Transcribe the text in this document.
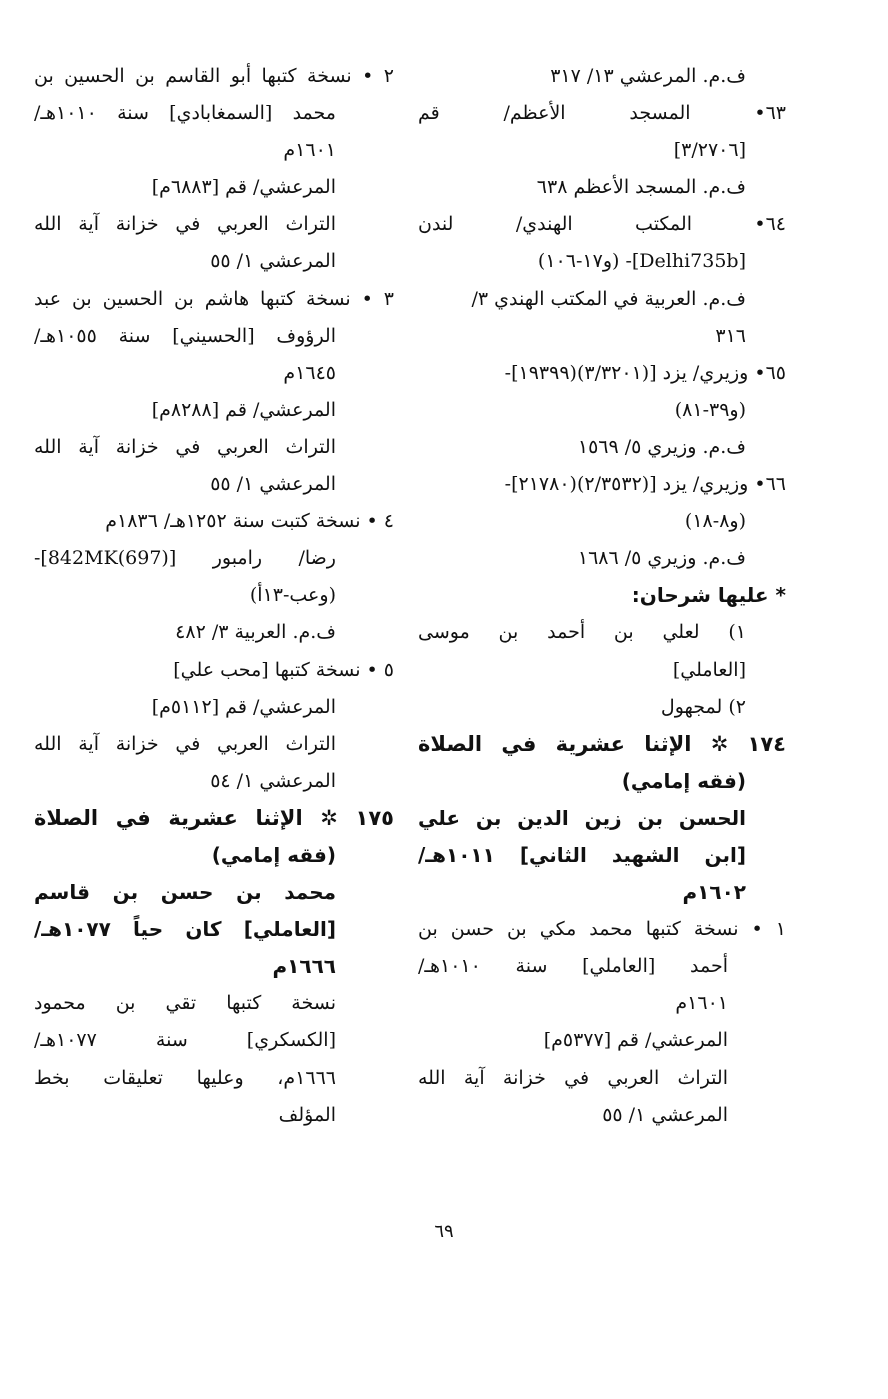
ف.م. المرعشي ١٣/ ٣١٧
٦٣• المسجد الأعظم/ قم
[٣/٢٧٠٦]
ف.م. المسجد الأعظم ٦٣٨
٦٤• المكتب الهندي/ لندن
[Delhi735b]- (و١٧-١٠٦)
ف.م. العربية في المكتب الهندي ٣/
٣١٦
٦٥• وزيري/ يزد [(٣/٣٢٠١)(١٩٣٩٩]-
(و٣٩-٨١)
ف.م. وزيري ٥/ ١٥٦٩
٦٦• وزيري/ يزد [(٢/٣٥٣٢)(٢١٧٨٠]-
(و٨-١٨)
ف.م. وزيري ٥/ ١٦٨٦
* عليها شرحان:
١) لعلي بن أحمد بن موسى
[العاملي]
٢) لمجهول
١٧٤ ✲ الإثنا عشرية في الصلاة
(فقه إمامي)
الحسن بن زين الدين بن علي
[ابن الشهيد الثاني] ١٠١١هـ/
١٦٠٢م
١ • نسخة كتبها محمد مكي بن حسن بن
أحمد [العاملي] سنة ١٠١٠هـ/
١٦٠١م
المرعشي/ قم [٥٣٧٧م]
التراث العربي في خزانة آية الله
المرعشي ١/ ٥٥
٢ • نسخة كتبها أبو القاسم بن الحسين بن
محمد [السمغابادي] سنة ١٠١٠هـ/
١٦٠١م
المرعشي/ قم [٦٨٨٣م]
التراث العربي في خزانة آية الله
المرعشي ١/ ٥٥
٣ • نسخة كتبها هاشم بن الحسين بن عبد
الرؤوف [الحسيني] سنة ١٠٥٥هـ/
١٦٤٥م
المرعشي/ قم [٨٢٨٨م]
التراث العربي في خزانة آية الله
المرعشي ١/ ٥٥
٤ • نسخة كتبت سنة ١٢٥٢هـ/ ١٨٣٦م
رضا/ رامبور [842MK(697)]-
(وعب-١٣أ)
ف.م. العربية ٣/ ٤٨٢
٥ • نسخة كتبها [محب علي]
المرعشي/ قم [٥١١٢م]
التراث العربي في خزانة آية الله
المرعشي ١/ ٥٤
١٧٥ ✲ الإثنا عشرية في الصلاة
(فقه إمامي)
محمد بن حسن بن قاسم
[العاملي] كان حياً ١٠٧٧هـ/
١٦٦٦م
نسخة كتبها تقي بن محمود
[الكسكري] سنة ١٠٧٧هـ/
١٦٦٦م، وعليها تعليقات بخط
المؤلف
٦٩
